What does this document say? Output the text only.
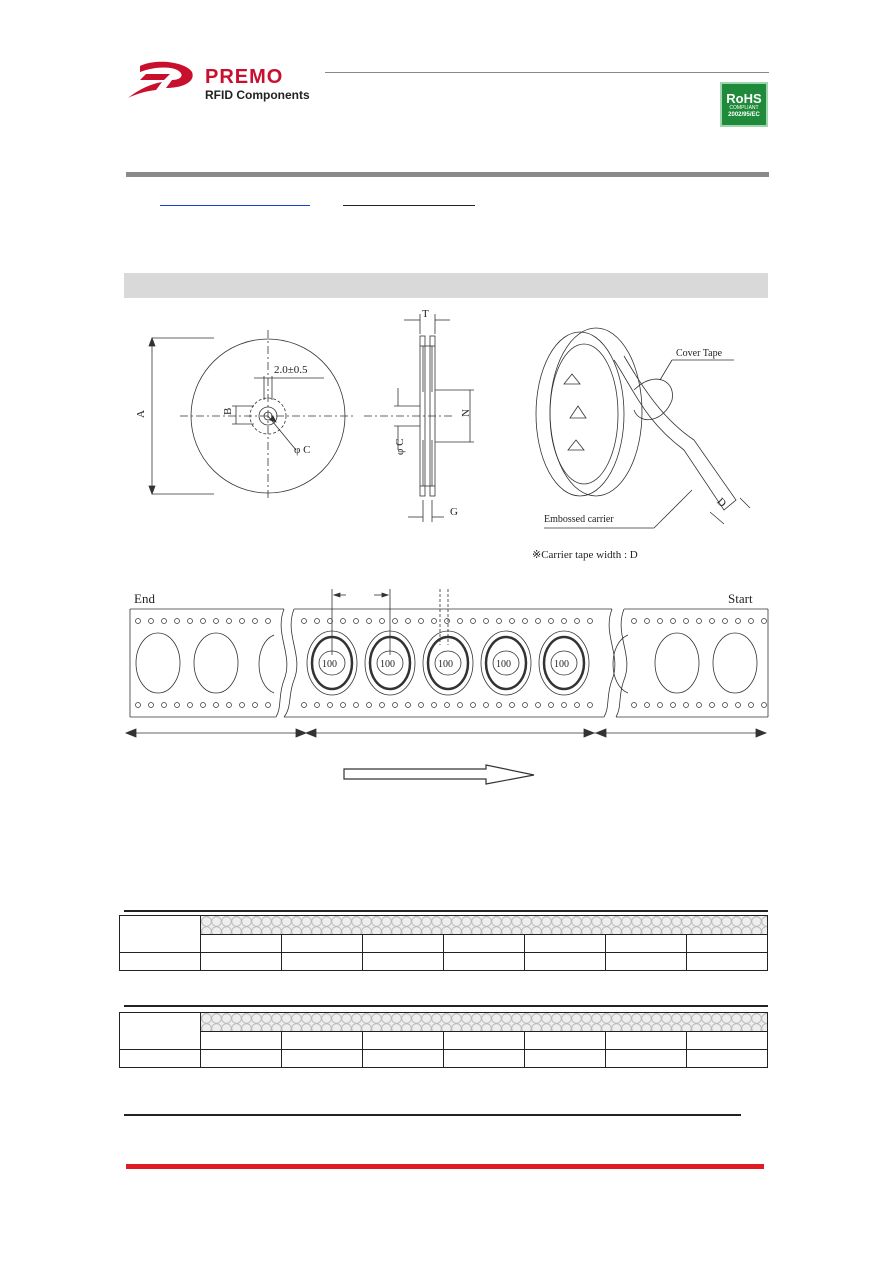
PREMO
RFID Components	RoHS
COMPLIANT
2002/95/EC
A	B
2.0±0.5
φ C
T
N
φ C
G
Cover Tape
Embossed carrier
D
※Carrier tape width : D
End	Start
100	100	100	100	100
